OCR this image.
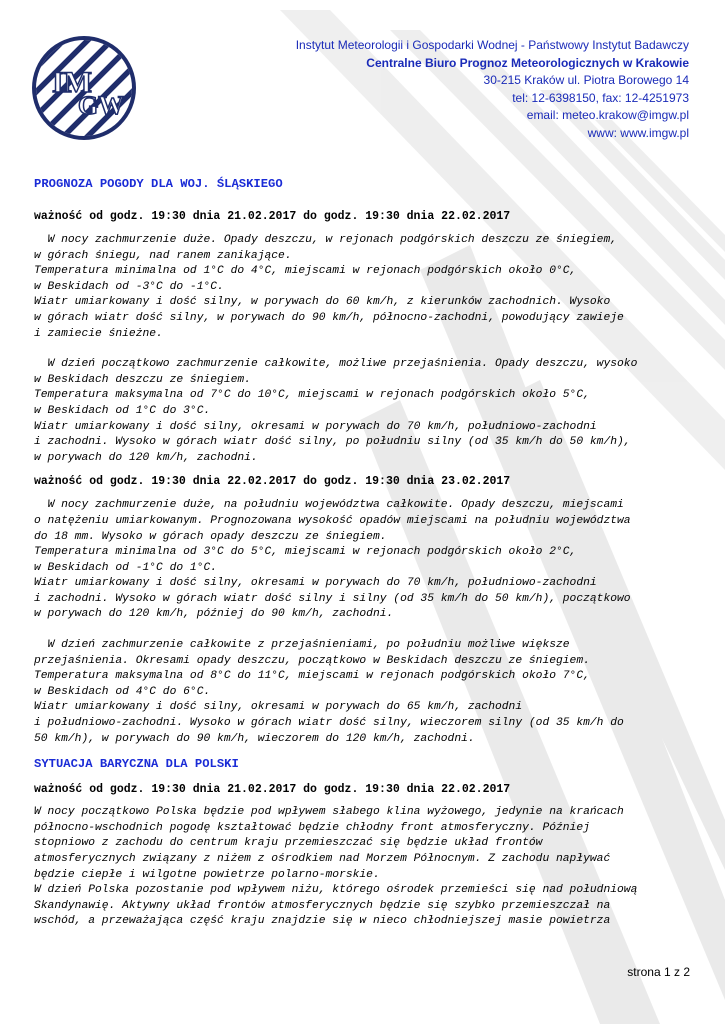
IM
GW
Instytut Meteorologii i Gospodarki Wodnej - Państwowy Instytut Badawczy
Centralne Biuro Prognoz Meteorologicznych w Krakowie
30-215 Kraków ul. Piotra Borowego 14
tel: 12-6398150, fax: 12-4251973
email: meteo.krakow@imgw.pl
www: www.imgw.pl
PROGNOZA POGODY DLA WOJ. ŚLĄSKIEGO

ważność od godz. 19:30 dnia 21.02.2017 do godz. 19:30 dnia 22.02.2017

W nocy zachmurzenie duże. Opady deszczu, w rejonach podgórskich deszczu ze śniegiem,
w górach śniegu, nad ranem zanikające.
Temperatura minimalna od 1°C do 4°C, miejscami w rejonach podgórskich około 0°C,
w Beskidach od -3°C do -1°C.
Wiatr umiarkowany i dość silny, w porywach do 60 km/h, z kierunków zachodnich. Wysoko
w górach wiatr dość silny, w porywach do 90 km/h, północno-zachodni, powodujący zawieje
i zamiecie śnieżne.

W dzień początkowo zachmurzenie całkowite, możliwe przejaśnienia. Opady deszczu, wysoko
w Beskidach deszczu ze śniegiem.
Temperatura maksymalna od 7°C do 10°C, miejscami w rejonach podgórskich około 5°C,
w Beskidach od 1°C do 3°C.
Wiatr umiarkowany i dość silny, okresami w porywach do 70 km/h, południowo-zachodni
i zachodni. Wysoko w górach wiatr dość silny, po południu silny (od 35 km/h do 50 km/h),
w porywach do 120 km/h, zachodni.

ważność od godz. 19:30 dnia 22.02.2017 do godz. 19:30 dnia 23.02.2017

W nocy zachmurzenie duże, na południu województwa całkowite. Opady deszczu, miejscami
o natężeniu umiarkowanym. Prognozowana wysokość opadów miejscami na południu województwa
do 18 mm. Wysoko w górach opady deszczu ze śniegiem.
Temperatura minimalna od 3°C do 5°C, miejscami w rejonach podgórskich około 2°C,
w Beskidach od -1°C do 1°C.
Wiatr umiarkowany i dość silny, okresami w porywach do 70 km/h, południowo-zachodni
i zachodni. Wysoko w górach wiatr dość silny i silny (od 35 km/h do 50 km/h), początkowo
w porywach do 120 km/h, później do 90 km/h, zachodni.

W dzień zachmurzenie całkowite z przejaśnieniami, po południu możliwe większe
przejaśnienia. Okresami opady deszczu, początkowo w Beskidach deszczu ze śniegiem.
Temperatura maksymalna od 8°C do 11°C, miejscami w rejonach podgórskich około 7°C,
w Beskidach od 4°C do 6°C.
Wiatr umiarkowany i dość silny, okresami w porywach do 65 km/h, zachodni
i południowo-zachodni. Wysoko w górach wiatr dość silny, wieczorem silny (od 35 km/h do
50 km/h), w porywach do 90 km/h, wieczorem do 120 km/h, zachodni.

SYTUACJA BARYCZNA DLA POLSKI

ważność od godz. 19:30 dnia 21.02.2017 do godz. 19:30 dnia 22.02.2017

W nocy początkowo Polska będzie pod wpływem słabego klina wyżowego, jedynie na krańcach
północno-wschodnich pogodę kształtować będzie chłodny front atmosferyczny. Później
stopniowo z zachodu do centrum kraju przemieszczać się będzie układ frontów
atmosferycznych związany z niżem z ośrodkiem nad Morzem Północnym. Z zachodu napływać
będzie ciepłe i wilgotne powietrze polarno-morskie.
W dzień Polska pozostanie pod wpływem niżu, którego ośrodek przemieści się nad południową
Skandynawię. Aktywny układ frontów atmosferycznych będzie się szybko przemieszczał na
wschód, a przeważająca część kraju znajdzie się w nieco chłodniejszej masie powietrza

strona 1 z 2
